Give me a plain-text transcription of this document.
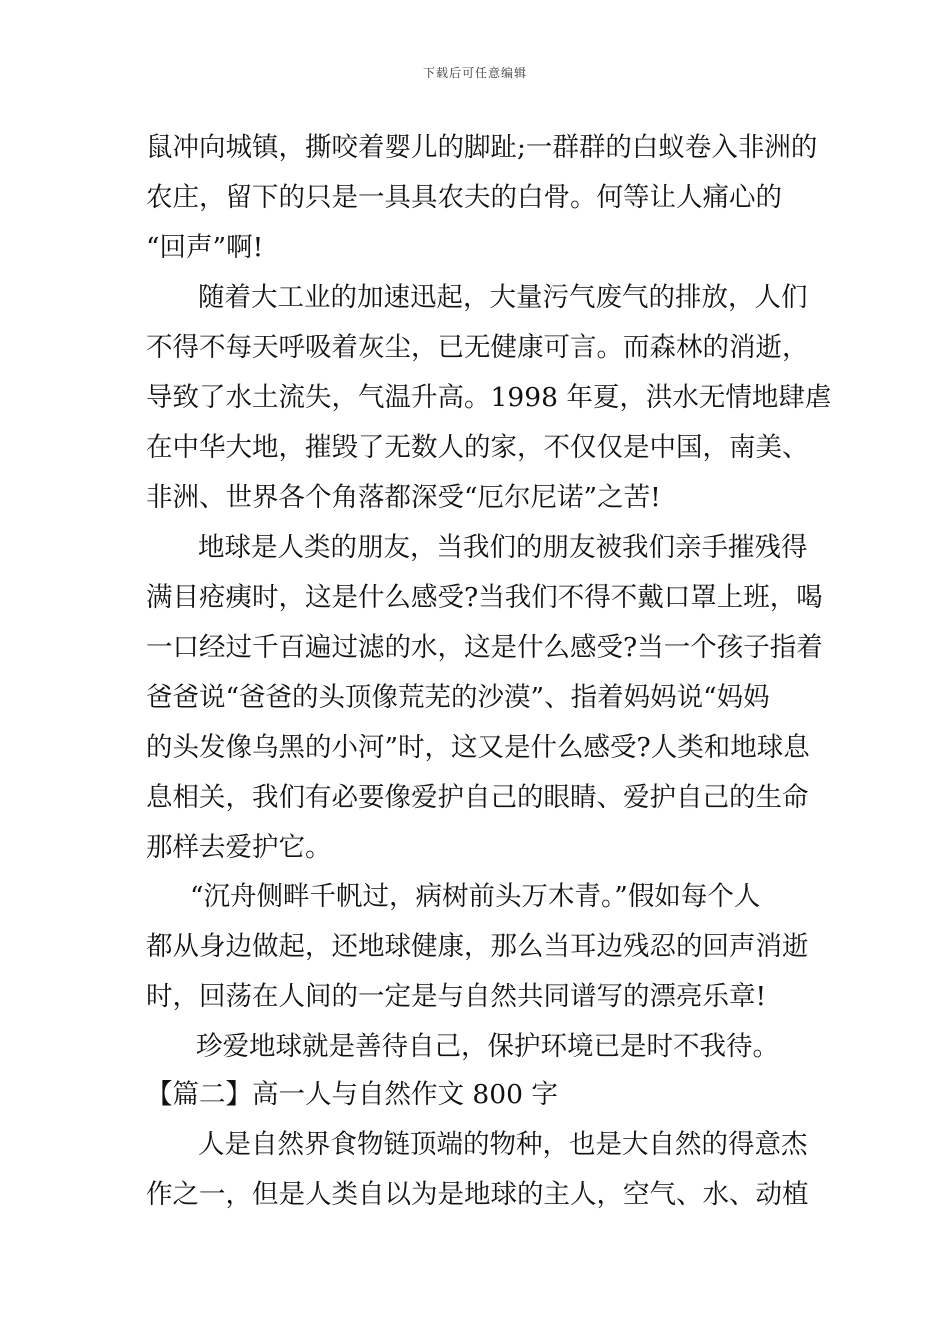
下载后可任意编辑
鼠冲向城镇，撕咬着婴儿的脚趾;一群群的白蚁卷入非洲的
农庄，留下的只是一具具农夫的白骨。何等让人痛心的
“回声”啊!
随着大工业的加速迅起，大量污气废气的排放，人们
不得不每天呼吸着灰尘，已无健康可言。而森林的消逝，
导致了水土流失，气温升高。1998 年夏，洪水无情地肆虐
在中华大地，摧毁了无数人的家，不仅仅是中国，南美、
非洲、世界各个角落都深受“厄尔尼诺”之苦!
地球是人类的朋友，当我们的朋友被我们亲手摧残得
满目疮痍时，这是什么感受?当我们不得不戴口罩上班，喝
一口经过千百遍过滤的水，这是什么感受?当一个孩子指着
爸爸说“爸爸的头顶像荒芜的沙漠”、指着妈妈说“妈妈
的头发像乌黑的小河”时，这又是什么感受?人类和地球息
息相关，我们有必要像爱护自己的眼睛、爱护自己的生命
那样去爱护它。
“沉舟侧畔千帆过，病树前头万木青。”假如每个人
都从身边做起，还地球健康，那么当耳边残忍的回声消逝
时，回荡在人间的一定是与自然共同谱写的漂亮乐章!
珍爱地球就是善待自己，保护环境已是时不我待。
【篇二】高一人与自然作文 800 字
人是自然界食物链顶端的物种，也是大自然的得意杰
作之一，但是人类自以为是地球的主人，空气、水、动植
